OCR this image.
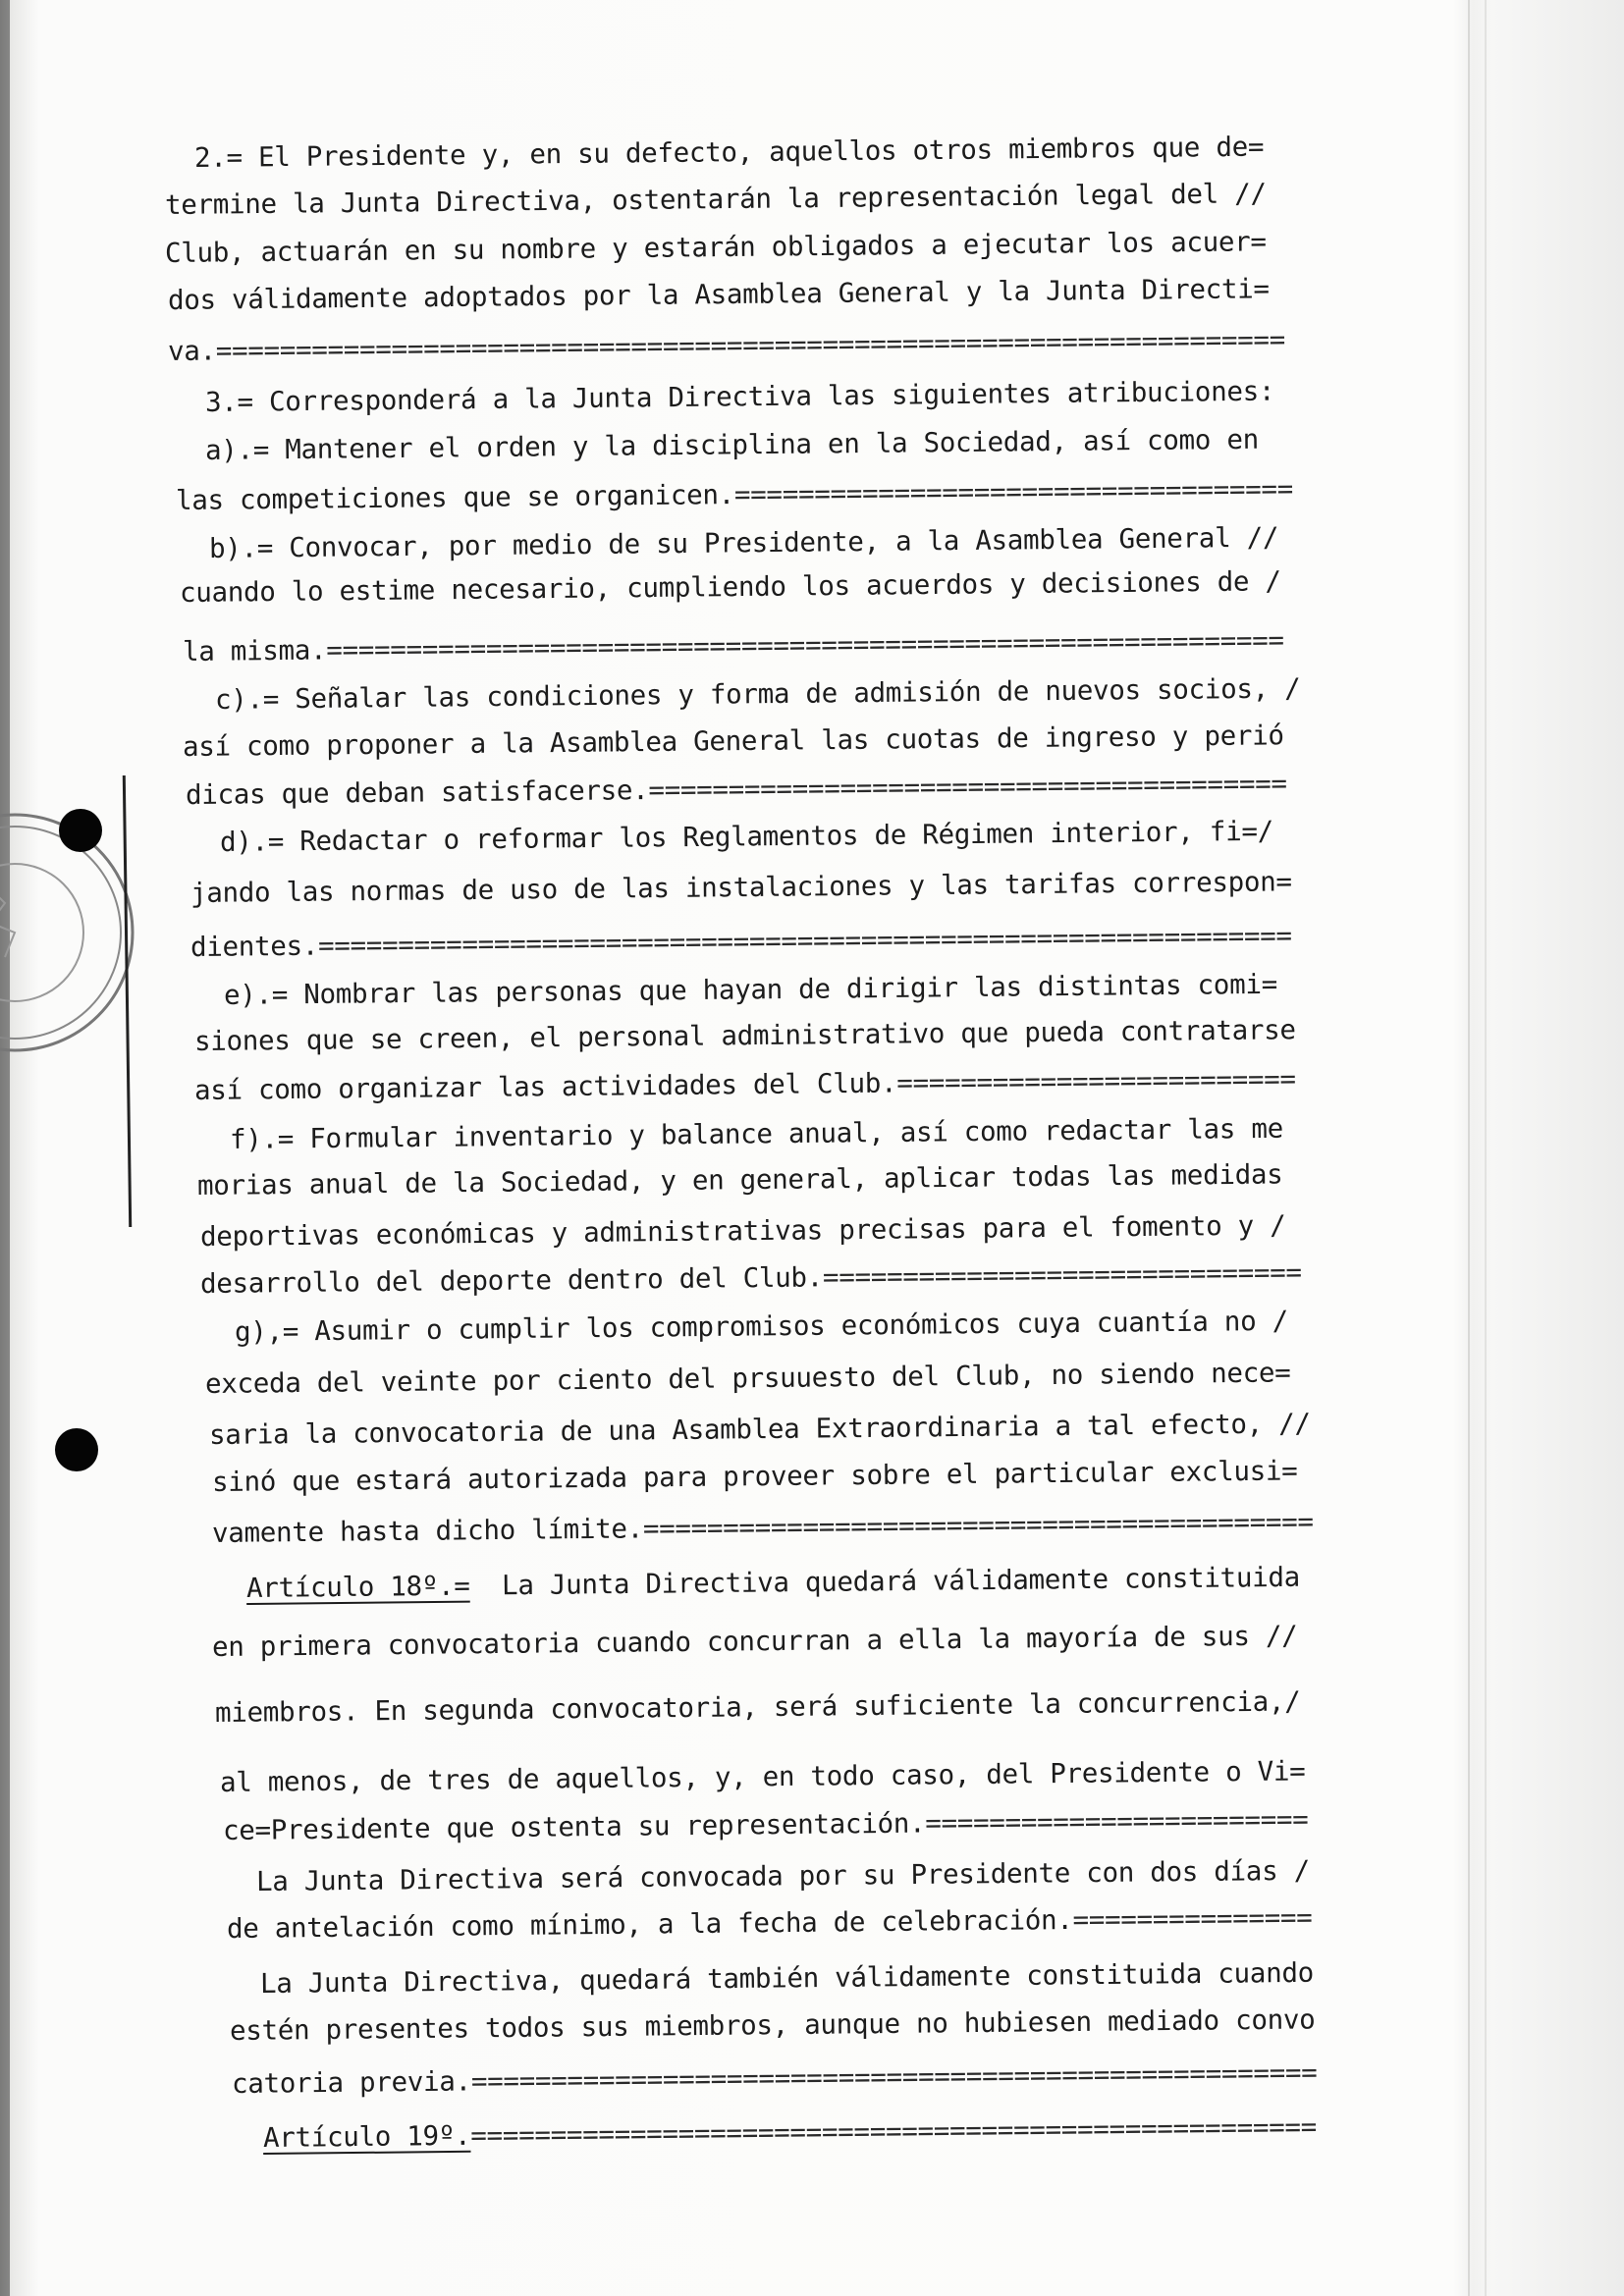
2.= El Presidente y, en su defecto, aquellos otros miembros que de=
termine la Junta Directiva, ostentarán la representación legal del //
Club, actuarán en su nombre y estarán obligados a ejecutar los acuer=
dos válidamente adoptados por la Asamblea General y la Junta Directi=
va.===================================================================
3.= Corresponderá a la Junta Directiva las siguientes atribuciones:
a).= Mantener el orden y la disciplina en la Sociedad, así como en
las competiciones que se organicen.===================================
b).= Convocar, por medio de su Presidente, a la Asamblea General //
cuando lo estime necesario, cumpliendo los acuerdos y decisiones de /
la misma.============================================================
c).= Señalar las condiciones y forma de admisión de nuevos socios, /
así como proponer a la Asamblea General las cuotas de ingreso y perió
dicas que deban satisfacerse.========================================
d).= Redactar o reformar los Reglamentos de Régimen interior, fi=/
jando las normas de uso de las instalaciones y las tarifas correspon=
dientes.=============================================================
e).= Nombrar las personas que hayan de dirigir las distintas comi=
siones que se creen, el personal administrativo que pueda contratarse
así como organizar las actividades del Club.=========================
f).= Formular inventario y balance anual, así como redactar las me
morias anual de la Sociedad, y en general, aplicar todas las medidas
deportivas económicas y administrativas precisas para el fomento y /
desarrollo del deporte dentro del Club.==============================
g),= Asumir o cumplir los compromisos económicos cuya cuantía no /
exceda del veinte por ciento del prsuuesto del Club, no siendo nece=
saria la convocatoria de una Asamblea Extraordinaria a tal efecto, //
sinó que estará autorizada para proveer sobre el particular exclusi=
vamente hasta dicho límite.==========================================
Artículo 18º.=  La Junta Directiva quedará válidamente constituida
en primera convocatoria cuando concurran a ella la mayoría de sus //
miembros. En segunda convocatoria, será suficiente la concurrencia,/
al menos, de tres de aquellos, y, en todo caso, del Presidente o Vi=
ce=Presidente que ostenta su representación.========================
La Junta Directiva será convocada por su Presidente con dos días /
de antelación como mínimo, a la fecha de celebración.===============
La Junta Directiva, quedará también válidamente constituida cuando
estén presentes todos sus miembros, aunque no hubiesen mediado convo
catoria previa.=====================================================
Artículo 19º.=====================================================
